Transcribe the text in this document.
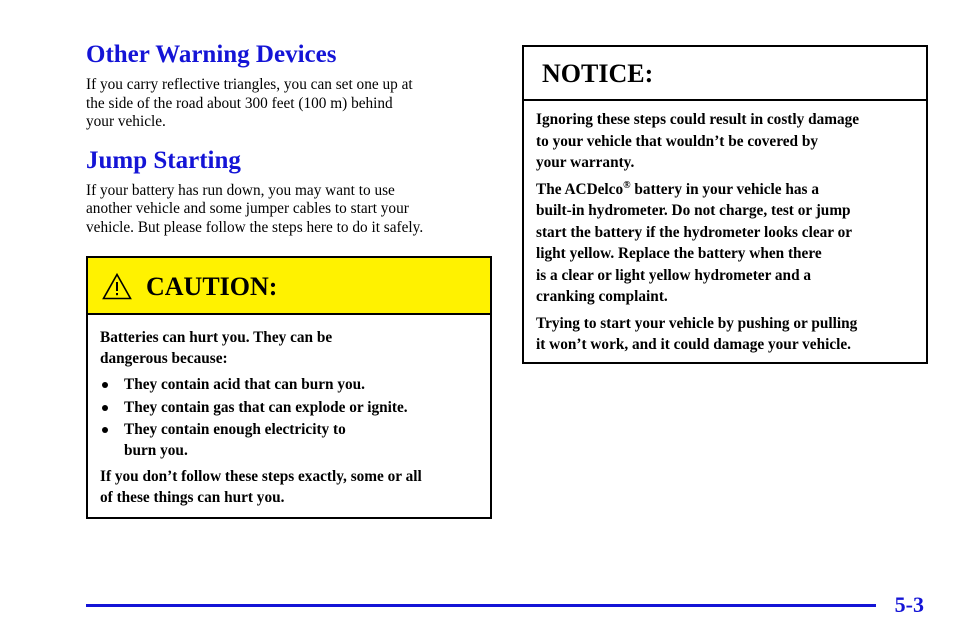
Other Warning Devices

If you carry reflective triangles, you can set one up at
the side of the road about 300 feet (100 m) behind
your vehicle.

Jump Starting

If your battery has run down, you may want to use
another vehicle and some jumper cables to start your
vehicle. But please follow the steps here to do it safely.

CAUTION:

Batteries can hurt you. They can be
dangerous because:

They contain acid that can burn you.
They contain gas that can explode or ignite.
They contain enough electricity to
burn you.

If you don’t follow these steps exactly, some or all
of these things can hurt you.

NOTICE:

Ignoring these steps could result in costly damage
to your vehicle that wouldn’t be covered by
your warranty.

The ACDelco® battery in your vehicle has a
built‑in hydrometer. Do not charge, test or jump
start the battery if the hydrometer looks clear or
light yellow. Replace the battery when there
is a clear or light yellow hydrometer and a
cranking complaint.

Trying to start your vehicle by pushing or pulling
it won’t work, and it could damage your vehicle.

5-3
